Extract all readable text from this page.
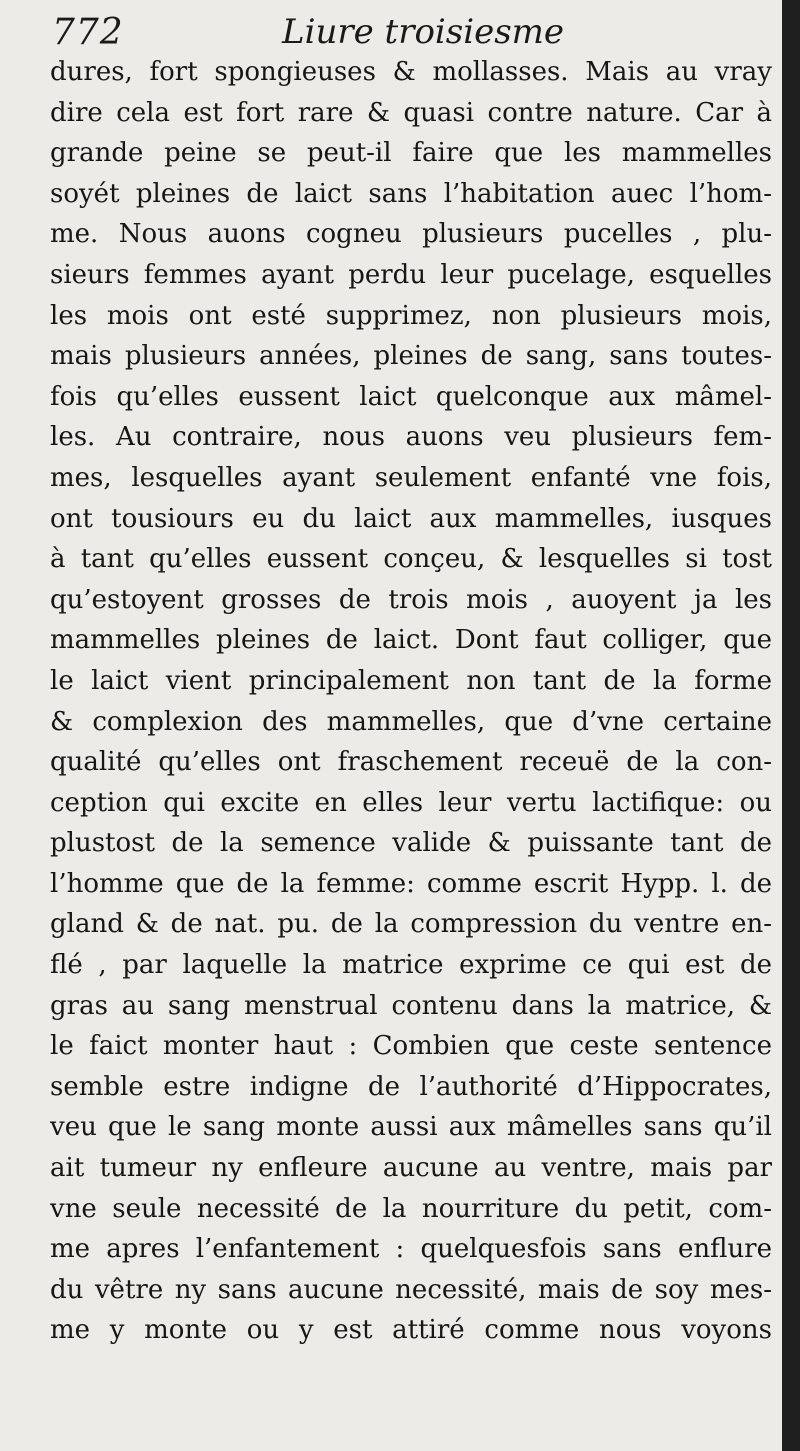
772	Liure troisiesme
dures, fort spongieuses & mollasses. Mais au vray
dire cela est fort rare & quasi contre nature. Car à
grande peine se peut-il faire que les mammelles
soyét pleines de laict sans l’habitation auec l’hom-
me. Nous auons cogneu plusieurs pucelles , plu-
sieurs femmes ayant perdu leur pucelage, esquelles
les mois ont esté supprimez, non plusieurs mois,
mais plusieurs années, pleines de sang, sans toutes-
fois qu’elles eussent laict quelconque aux mâmel-
les. Au contraire, nous auons veu plusieurs fem-
mes, lesquelles ayant seulement enfanté vne fois,
ont tousiours eu du laict aux mammelles, iusques
à tant qu’elles eussent conçeu, & lesquelles si tost
qu’estoyent grosses de trois mois , auoyent ja les
mammelles pleines de laict. Dont faut colliger, que
le laict vient principalement non tant de la forme
& complexion des mammelles, que d’vne certaine
qualité qu’elles ont fraschement receuë de la con-
ception qui excite en elles leur vertu lactifique: ou
plustost de la semence valide & puissante tant de
l’homme que de la femme: comme escrit Hypp. l. de
gland & de nat. pu. de la compression du ventre en-
flé , par laquelle la matrice exprime ce qui est de
gras au sang menstrual contenu dans la matrice, &
le faict monter haut : Combien que ceste sentence
semble estre indigne de l’authorité d’Hippocrates,
veu que le sang monte aussi aux mâmelles sans qu’il
ait tumeur ny enfleure aucune au ventre, mais par
vne seule necessité de la nourriture du petit, com-
me apres l’enfantement : quelquesfois sans enflure
du vêtre ny sans aucune necessité, mais de soy mes-
me y monte ou y est attiré comme nous voyons
